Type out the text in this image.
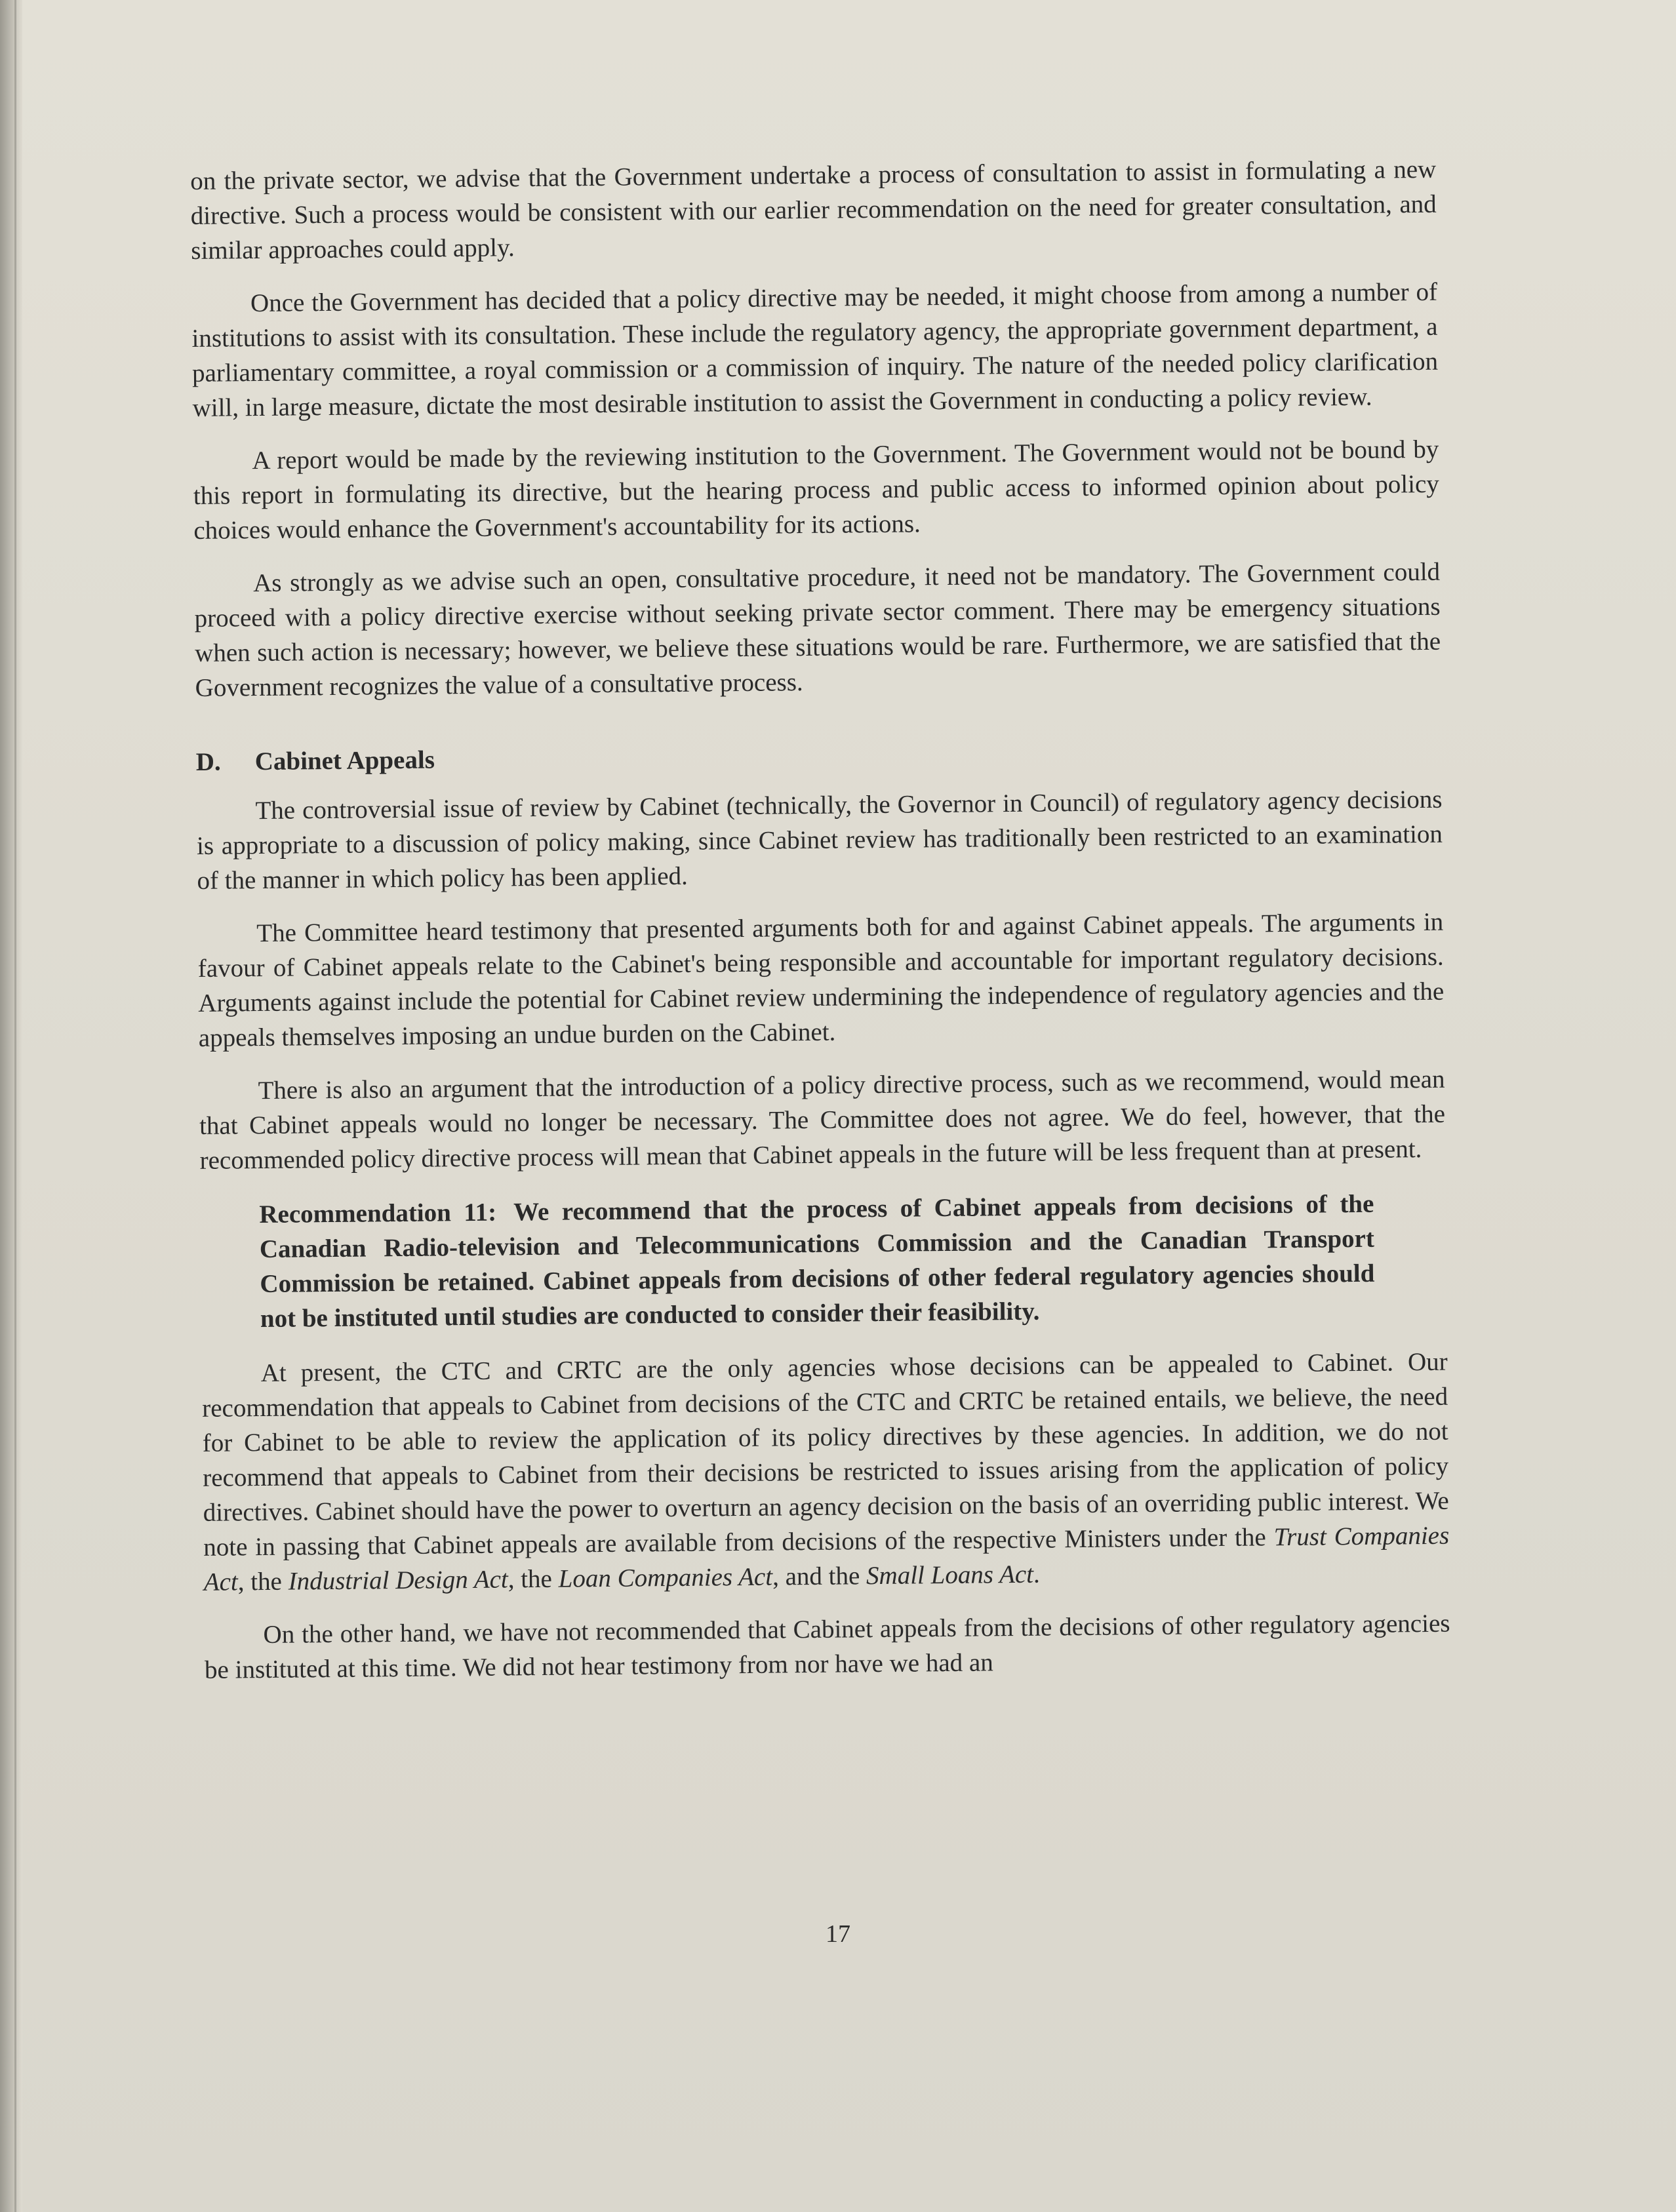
on the private sector, we advise that the Government undertake a process of consultation to assist in formulating a new directive. Such a process would be consistent with our earlier recommendation on the need for greater consultation, and similar approaches could apply.

Once the Government has decided that a policy directive may be needed, it might choose from among a number of institutions to assist with its consultation. These include the regulatory agency, the appropriate government department, a parliamentary committee, a royal commission or a commission of inquiry. The nature of the needed policy clarification will, in large measure, dictate the most desirable institution to assist the Government in conducting a policy review.

A report would be made by the reviewing institution to the Government. The Government would not be bound by this report in formulating its directive, but the hearing process and public access to informed opinion about policy choices would enhance the Government's accountability for its actions.

As strongly as we advise such an open, consultative procedure, it need not be mandatory. The Government could proceed with a policy directive exercise without seeking private sector comment. There may be emergency situations when such action is necessary; however, we believe these situations would be rare. Furthermore, we are satisfied that the Government recognizes the value of a consultative process.

D. Cabinet Appeals

The controversial issue of review by Cabinet (technically, the Governor in Council) of regulatory agency decisions is appropriate to a discussion of policy making, since Cabinet review has traditionally been restricted to an examination of the manner in which policy has been applied.

The Committee heard testimony that presented arguments both for and against Cabinet appeals. The arguments in favour of Cabinet appeals relate to the Cabinet's being responsible and accountable for important regulatory decisions. Arguments against include the potential for Cabinet review undermining the independence of regulatory agencies and the appeals themselves imposing an undue burden on the Cabinet.

There is also an argument that the introduction of a policy directive process, such as we recommend, would mean that Cabinet appeals would no longer be necessary. The Committee does not agree. We do feel, however, that the recommended policy directive process will mean that Cabinet appeals in the future will be less frequent than at present.

Recommendation 11: We recommend that the process of Cabinet appeals from decisions of the Canadian Radio-television and Telecommunications Commission and the Canadian Transport Commission be retained. Cabinet appeals from decisions of other federal regulatory agencies should not be instituted until studies are conducted to consider their feasibility.

At present, the CTC and CRTC are the only agencies whose decisions can be appealed to Cabinet. Our recommendation that appeals to Cabinet from decisions of the CTC and CRTC be retained entails, we believe, the need for Cabinet to be able to review the application of its policy directives by these agencies. In addition, we do not recommend that appeals to Cabinet from their decisions be restricted to issues arising from the application of policy directives. Cabinet should have the power to overturn an agency decision on the basis of an overriding public interest. We note in passing that Cabinet appeals are available from decisions of the respective Ministers under the Trust Companies Act, the Industrial Design Act, the Loan Companies Act, and the Small Loans Act.

On the other hand, we have not recommended that Cabinet appeals from the decisions of other regulatory agencies be instituted at this time. We did not hear testimony from nor have we had an

17
